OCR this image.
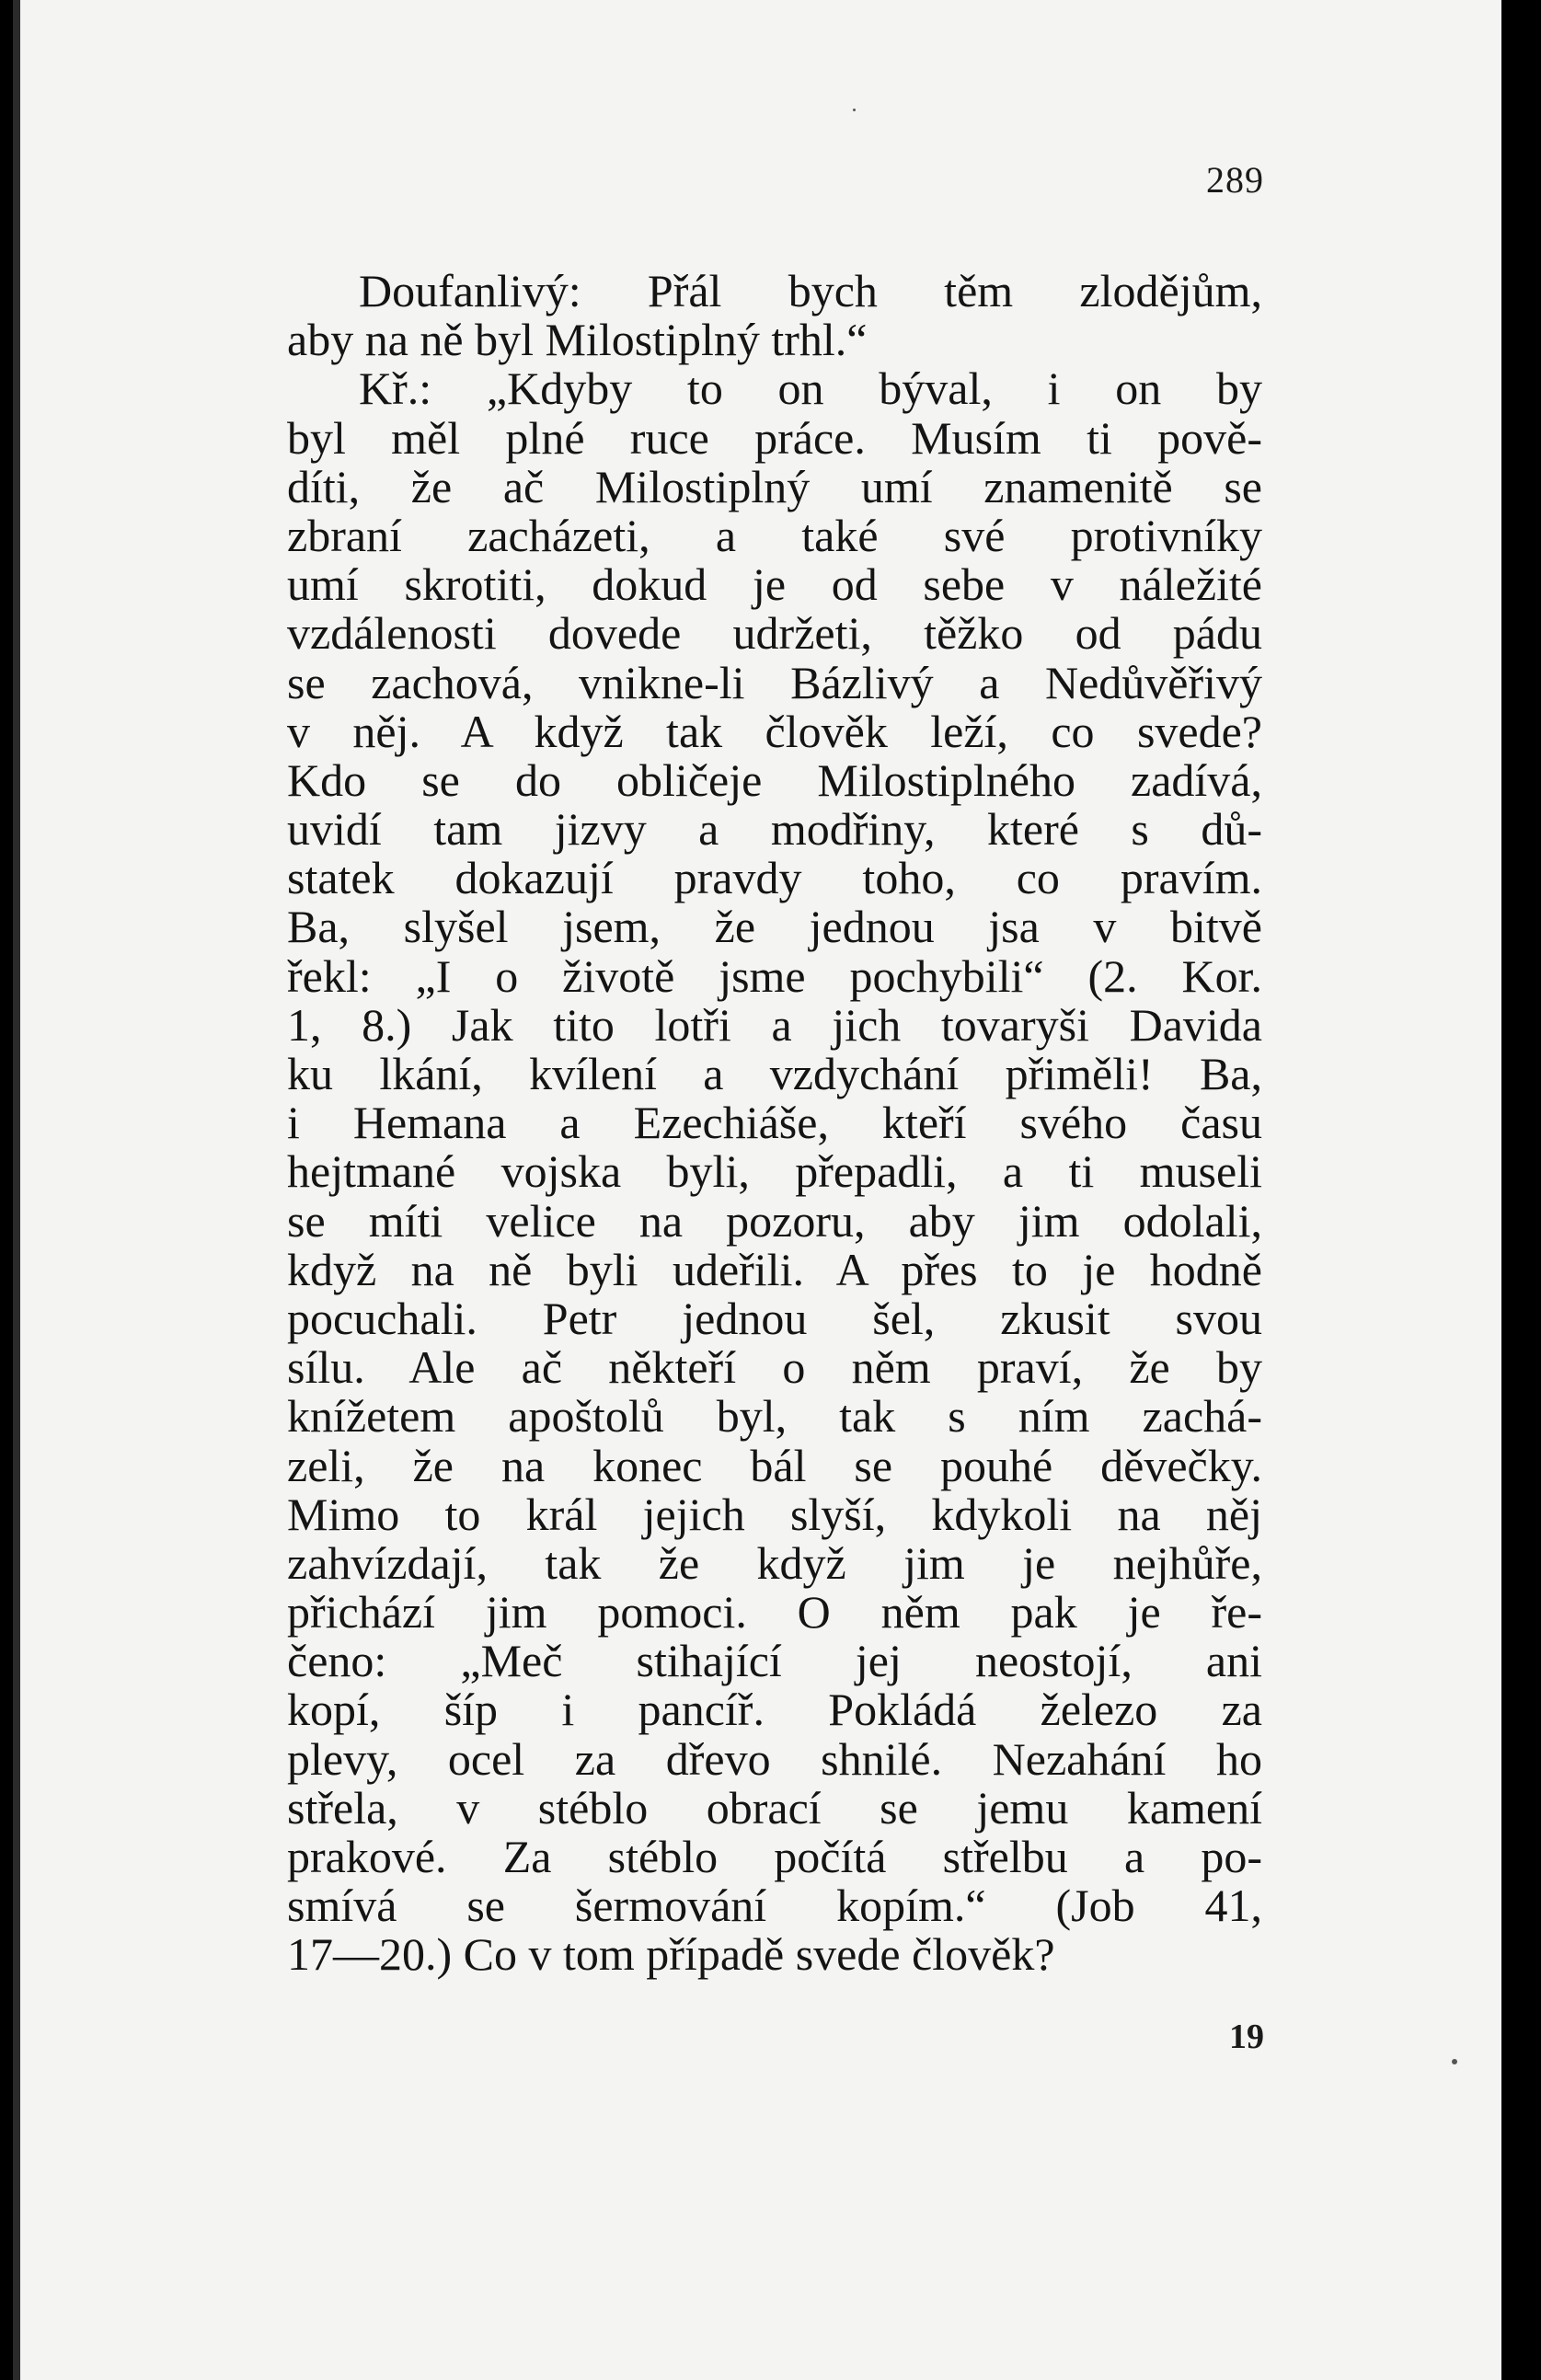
289
Doufanlivý: Přál bych těm zlodějům,
aby na ně byl Milostiplný trhl.“
Kř.: „Kdyby to on býval, i on by
byl měl plné ruce práce. Musím ti pově-
díti, že ač Milostiplný umí znamenitě se
zbraní zacházeti, a také své protivníky
umí skrotiti, dokud je od sebe v náležité
vzdálenosti dovede udržeti, těžko od pádu
se zachová, vnikne-li Bázlivý a Nedůvěřivý
v něj. A když tak člověk leží, co svede?
Kdo se do obličeje Milostiplného zadívá,
uvidí tam jizvy a modřiny, které s dů-
statek dokazují pravdy toho, co pravím.
Ba, slyšel jsem, že jednou jsa v bitvě
řekl: „I o životě jsme pochybili“ (2. Kor.
1, 8.) Jak tito lotři a jich tovaryši Davida
ku lkání, kvílení a vzdychání přiměli! Ba,
i Hemana a Ezechiáše, kteří svého času
hejtmané vojska byli, přepadli, a ti museli
se míti velice na pozoru, aby jim odolali,
když na ně byli udeřili. A přes to je hodně
pocuchali. Petr jednou šel, zkusit svou
sílu. Ale ač někteří o něm praví, že by
knížetem apoštolů byl, tak s ním zachá-
zeli, že na konec bál se pouhé děvečky.
Mimo to král jejich slyší, kdykoli na něj
zahvízdají, tak že když jim je nejhůře,
přichází jim pomoci. O něm pak je ře-
čeno: „Meč stihající jej neostojí, ani
kopí, šíp i pancíř. Pokládá železo za
plevy, ocel za dřevo shnilé. Nezahání ho
střela, v stéblo obrací se jemu kamení
prakové. Za stéblo počítá střelbu a po-
smívá se šermování kopím.“ (Job 41,
17—20.) Co v tom případě svede člověk?
19
